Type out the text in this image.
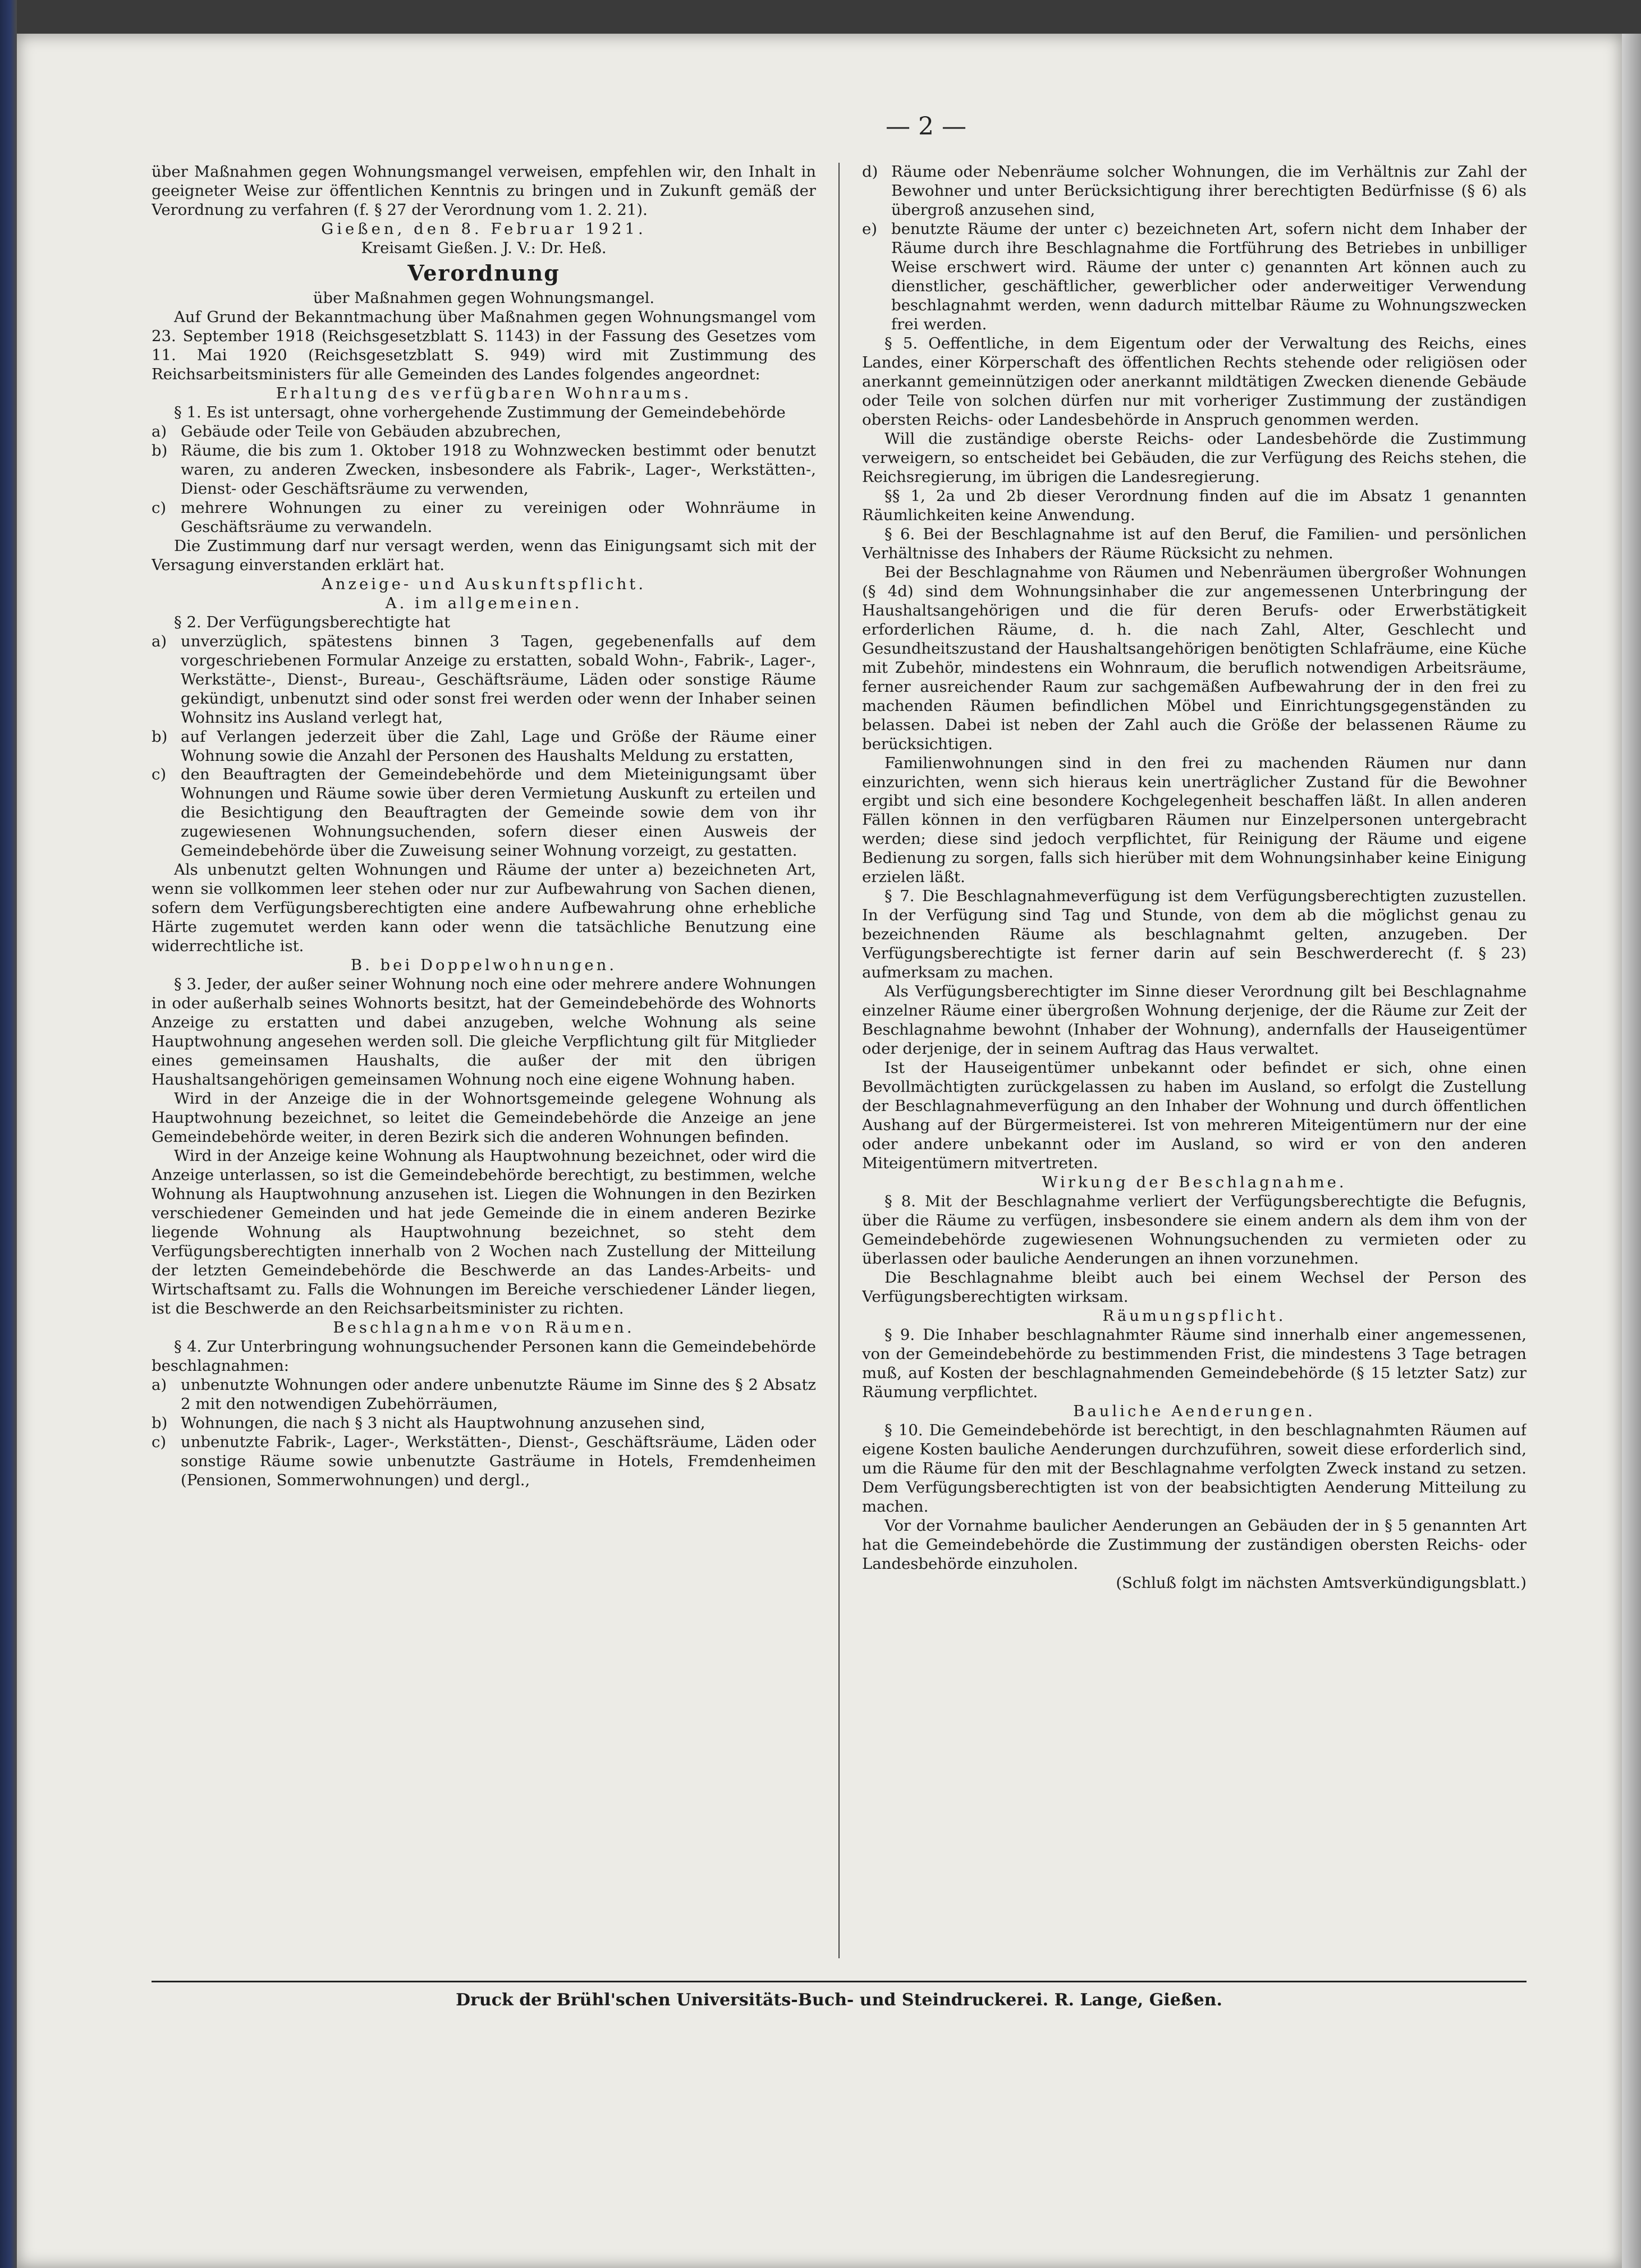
— 2 —

über Maßnahmen gegen Wohnungsmangel verweisen, empfehlen wir, den Inhalt in geeigneter Weise zur öffentlichen Kenntnis zu bringen und in Zukunft gemäß der Verordnung zu verfahren (f. § 27 der Verordnung vom 1. 2. 21).

Gießen, den 8. Februar 1921.

Kreisamt Gießen. J. V.: Dr. Heß.

Verordnung
über Maßnahmen gegen Wohnungsmangel.

Auf Grund der Bekanntmachung über Maßnahmen gegen Wohnungsmangel vom 23. September 1918 (Reichsgesetzblatt S. 1143) in der Fassung des Gesetzes vom 11. Mai 1920 (Reichsgesetzblatt S. 949) wird mit Zustimmung des Reichsarbeitsministers für alle Gemeinden des Landes folgendes angeordnet:

Erhaltung des verfügbaren Wohnraums.

§ 1. Es ist untersagt, ohne vorhergehende Zustimmung der Gemeindebehörde

a) Gebäude oder Teile von Gebäuden abzubrechen,

b) Räume, die bis zum 1. Oktober 1918 zu Wohnzwecken bestimmt oder benutzt waren, zu anderen Zwecken, insbesondere als Fabrik-, Lager-, Werkstätten-, Dienst- oder Geschäftsräume zu verwenden,

c) mehrere Wohnungen zu einer zu vereinigen oder Wohnräume in Geschäftsräume zu verwandeln.

Die Zustimmung darf nur versagt werden, wenn das Einigungsamt sich mit der Versagung einverstanden erklärt hat.

Anzeige- und Auskunftspflicht.
A. im allgemeinen.

§ 2. Der Verfügungsberechtigte hat

a) unverzüglich, spätestens binnen 3 Tagen, gegebenenfalls auf dem vorgeschriebenen Formular Anzeige zu erstatten, sobald Wohn-, Fabrik-, Lager-, Werkstätte-, Dienst-, Bureau-, Geschäftsräume, Läden oder sonstige Räume gekündigt, unbenutzt sind oder sonst frei werden oder wenn der Inhaber seinen Wohnsitz ins Ausland verlegt hat,

b) auf Verlangen jederzeit über die Zahl, Lage und Größe der Räume einer Wohnung sowie die Anzahl der Personen des Haushalts Meldung zu erstatten,

c) den Beauftragten der Gemeindebehörde und dem Mieteinigungsamt über Wohnungen und Räume sowie über deren Vermietung Auskunft zu erteilen und die Besichtigung den Beauftragten der Gemeinde sowie dem von ihr zugewiesenen Wohnungsuchenden, sofern dieser einen Ausweis der Gemeindebehörde über die Zuweisung seiner Wohnung vorzeigt, zu gestatten.

Als unbenutzt gelten Wohnungen und Räume der unter a) bezeichneten Art, wenn sie vollkommen leer stehen oder nur zur Aufbewahrung von Sachen dienen, sofern dem Verfügungsberechtigten eine andere Aufbewahrung ohne erhebliche Härte zugemutet werden kann oder wenn die tatsächliche Benutzung eine widerrechtliche ist.

B. bei Doppelwohnungen.

§ 3. Jeder, der außer seiner Wohnung noch eine oder mehrere andere Wohnungen in oder außerhalb seines Wohnorts besitzt, hat der Gemeindebehörde des Wohnorts Anzeige zu erstatten und dabei anzugeben, welche Wohnung als seine Hauptwohnung angesehen werden soll. Die gleiche Verpflichtung gilt für Mitglieder eines gemeinsamen Haushalts, die außer der mit den übrigen Haushaltsangehörigen gemeinsamen Wohnung noch eine eigene Wohnung haben.

Wird in der Anzeige die in der Wohnortsgemeinde gelegene Wohnung als Hauptwohnung bezeichnet, so leitet die Gemeindebehörde die Anzeige an jene Gemeindebehörde weiter, in deren Bezirk sich die anderen Wohnungen befinden.

Wird in der Anzeige keine Wohnung als Hauptwohnung bezeichnet, oder wird die Anzeige unterlassen, so ist die Gemeindebehörde berechtigt, zu bestimmen, welche Wohnung als Hauptwohnung anzusehen ist. Liegen die Wohnungen in den Bezirken verschiedener Gemeinden und hat jede Gemeinde die in einem anderen Bezirke liegende Wohnung als Hauptwohnung bezeichnet, so steht dem Verfügungsberechtigten innerhalb von 2 Wochen nach Zustellung der Mitteilung der letzten Gemeindebehörde die Beschwerde an das Landes-Arbeits- und Wirtschaftsamt zu. Falls die Wohnungen im Bereiche verschiedener Länder liegen, ist die Beschwerde an den Reichsarbeitsminister zu richten.

Beschlagnahme von Räumen.

§ 4. Zur Unterbringung wohnungsuchender Personen kann die Gemeindebehörde beschlagnahmen:

a) unbenutzte Wohnungen oder andere unbenutzte Räume im Sinne des § 2 Absatz 2 mit den notwendigen Zubehörräumen,

b) Wohnungen, die nach § 3 nicht als Hauptwohnung anzusehen sind,

c) unbenutzte Fabrik-, Lager-, Werkstätten-, Dienst-, Geschäftsräume, Läden oder sonstige Räume sowie unbenutzte Gasträume in Hotels, Fremdenheimen (Pensionen, Sommerwohnungen) und dergl.,

d) Räume oder Nebenräume solcher Wohnungen, die im Verhältnis zur Zahl der Bewohner und unter Berücksichtigung ihrer berechtigten Bedürfnisse (§ 6) als übergroß anzusehen sind,

e) benutzte Räume der unter c) bezeichneten Art, sofern nicht dem Inhaber der Räume durch ihre Beschlagnahme die Fortführung des Betriebes in unbilliger Weise erschwert wird. Räume der unter c) genannten Art können auch zu dienstlicher, geschäftlicher, gewerblicher oder anderweitiger Verwendung beschlagnahmt werden, wenn dadurch mittelbar Räume zu Wohnungszwecken frei werden.

§ 5. Oeffentliche, in dem Eigentum oder der Verwaltung des Reichs, eines Landes, einer Körperschaft des öffentlichen Rechts stehende oder religiösen oder anerkannt gemeinnützigen oder anerkannt mildtätigen Zwecken dienende Gebäude oder Teile von solchen dürfen nur mit vorheriger Zustimmung der zuständigen obersten Reichs- oder Landesbehörde in Anspruch genommen werden.

Will die zuständige oberste Reichs- oder Landesbehörde die Zustimmung verweigern, so entscheidet bei Gebäuden, die zur Verfügung des Reichs stehen, die Reichsregierung, im übrigen die Landesregierung.

§§ 1, 2a und 2b dieser Verordnung finden auf die im Absatz 1 genannten Räumlichkeiten keine Anwendung.

§ 6. Bei der Beschlagnahme ist auf den Beruf, die Familien- und persönlichen Verhältnisse des Inhabers der Räume Rücksicht zu nehmen.

Bei der Beschlagnahme von Räumen und Nebenräumen übergroßer Wohnungen (§ 4d) sind dem Wohnungsinhaber die zur angemessenen Unterbringung der Haushaltsangehörigen und die für deren Berufs- oder Erwerbstätigkeit erforderlichen Räume, d. h. die nach Zahl, Alter, Geschlecht und Gesundheitszustand der Haushaltsangehörigen benötigten Schlafräume, eine Küche mit Zubehör, mindestens ein Wohnraum, die beruflich notwendigen Arbeitsräume, ferner ausreichender Raum zur sachgemäßen Aufbewahrung der in den frei zu machenden Räumen befindlichen Möbel und Einrichtungsgegenständen zu belassen. Dabei ist neben der Zahl auch die Größe der belassenen Räume zu berücksichtigen.

Familienwohnungen sind in den frei zu machenden Räumen nur dann einzurichten, wenn sich hieraus kein unerträglicher Zustand für die Bewohner ergibt und sich eine besondere Kochgelegenheit beschaffen läßt. In allen anderen Fällen können in den verfügbaren Räumen nur Einzelpersonen untergebracht werden; diese sind jedoch verpflichtet, für Reinigung der Räume und eigene Bedienung zu sorgen, falls sich hierüber mit dem Wohnungsinhaber keine Einigung erzielen läßt.

§ 7. Die Beschlagnahmeverfügung ist dem Verfügungsberechtigten zuzustellen. In der Verfügung sind Tag und Stunde, von dem ab die möglichst genau zu bezeichnenden Räume als beschlagnahmt gelten, anzugeben. Der Verfügungsberechtigte ist ferner darin auf sein Beschwerderecht (f. § 23) aufmerksam zu machen.

Als Verfügungsberechtigter im Sinne dieser Verordnung gilt bei Beschlagnahme einzelner Räume einer übergroßen Wohnung derjenige, der die Räume zur Zeit der Beschlagnahme bewohnt (Inhaber der Wohnung), andernfalls der Hauseigentümer oder derjenige, der in seinem Auftrag das Haus verwaltet.

Ist der Hauseigentümer unbekannt oder befindet er sich, ohne einen Bevollmächtigten zurückgelassen zu haben im Ausland, so erfolgt die Zustellung der Beschlagnahmeverfügung an den Inhaber der Wohnung und durch öffentlichen Aushang auf der Bürgermeisterei. Ist von mehreren Miteigentümern nur der eine oder andere unbekannt oder im Ausland, so wird er von den anderen Miteigentümern mitvertreten.

Wirkung der Beschlagnahme.

§ 8. Mit der Beschlagnahme verliert der Verfügungsberechtigte die Befugnis, über die Räume zu verfügen, insbesondere sie einem andern als dem ihm von der Gemeindebehörde zugewiesenen Wohnungsuchenden zu vermieten oder zu überlassen oder bauliche Aenderungen an ihnen vorzunehmen.

Die Beschlagnahme bleibt auch bei einem Wechsel der Person des Verfügungsberechtigten wirksam.

Räumungspflicht.

§ 9. Die Inhaber beschlagnahmter Räume sind innerhalb einer angemessenen, von der Gemeindebehörde zu bestimmenden Frist, die mindestens 3 Tage betragen muß, auf Kosten der beschlagnahmenden Gemeindebehörde (§ 15 letzter Satz) zur Räumung verpflichtet.

Bauliche Aenderungen.

§ 10. Die Gemeindebehörde ist berechtigt, in den beschlagnahmten Räumen auf eigene Kosten bauliche Aenderungen durchzuführen, soweit diese erforderlich sind, um die Räume für den mit der Beschlagnahme verfolgten Zweck instand zu setzen. Dem Verfügungsberechtigten ist von der beabsichtigten Aenderung Mitteilung zu machen.

Vor der Vornahme baulicher Aenderungen an Gebäuden der in § 5 genannten Art hat die Gemeindebehörde die Zustimmung der zuständigen obersten Reichs- oder Landesbehörde einzuholen.

(Schluß folgt im nächsten Amtsverkündigungsblatt.)

Druck der Brühl'schen Universitäts-Buch- und Steindruckerei. R. Lange, Gießen.
